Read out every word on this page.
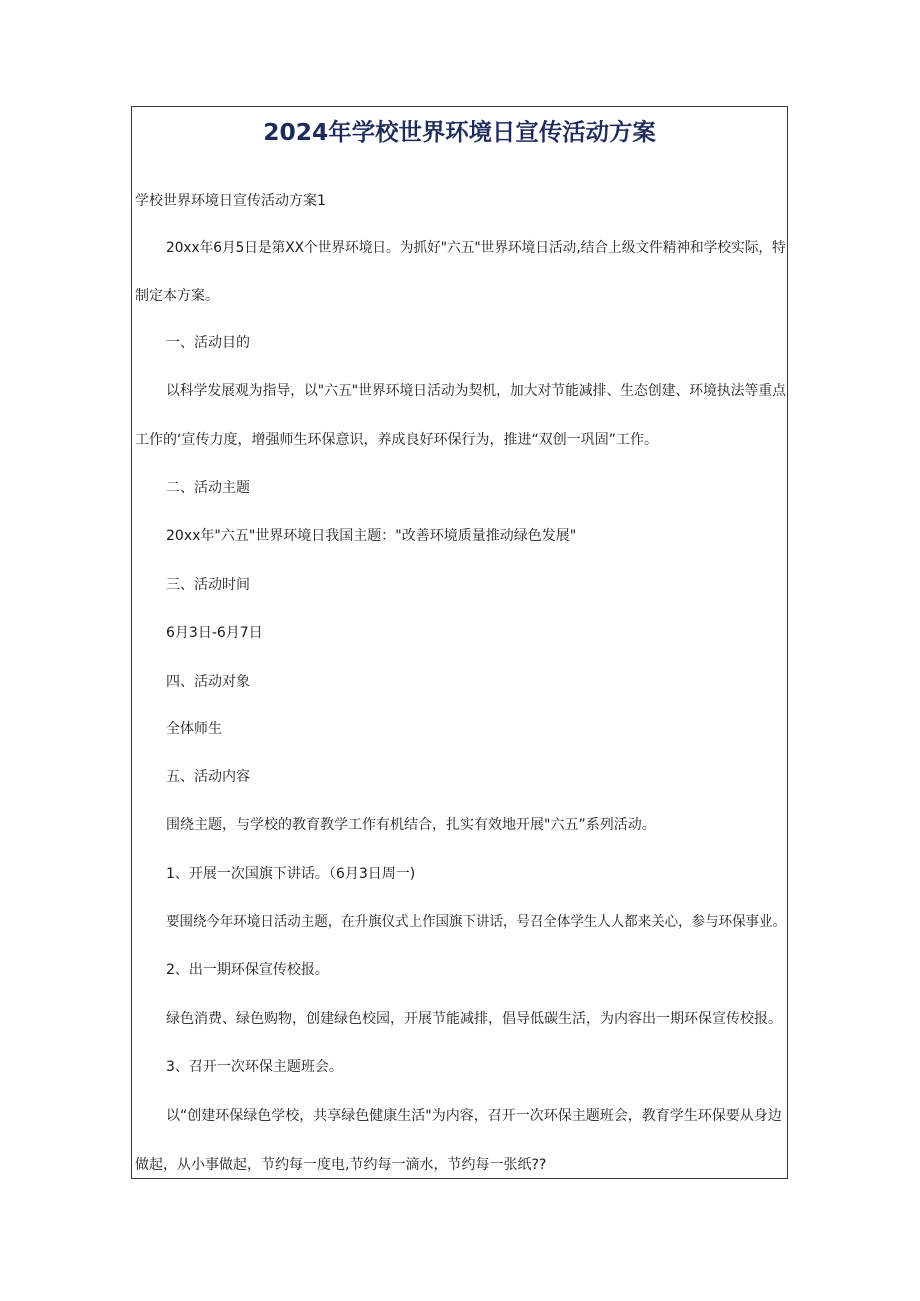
2024年学校世界环境日宣传活动方案
学校世界环境日宣传活动方案1
20xx年6月5日是第XX个世界环境日。为抓好"六五"世界环境日活动,结合上级文件精神和学校实际，特
制定本方案。
一、活动目的
以科学发展观为指导，以"六五"世界环境日活动为契机，加大对节能减排、生态创建、环境执法等重点
工作的‘宣传力度，增强师生环保意识，养成良好环保行为，推进“双创一巩固”工作。
二、活动主题
20xx年"六五"世界环境日我国主题："改善环境质量推动绿色发展"
三、活动时间
6月3日-6月7日
四、活动对象
全体师生
五、活动内容
围绕主题，与学校的教育教学工作有机结合，扎实有效地开展"六五”系列活动。
1、开展一次国旗下讲话。（6月3日周一)
要围绕今年环境日活动主题，在升旗仪式上作国旗下讲话，号召全体学生人人都来关心，参与环保事业。
2、出一期环保宣传校报。
绿色消费、绿色购物，创建绿色校园，开展节能减排，倡导低碳生活，为内容出一期环保宣传校报。
3、召开一次环保主题班会。
以“创建环保绿色学校，共享绿色健康生活"为内容，召开一次环保主题班会，教育学生环保要从身边
做起，从小事做起，节约每一度电,节约每一滴水，节约每一张纸??
